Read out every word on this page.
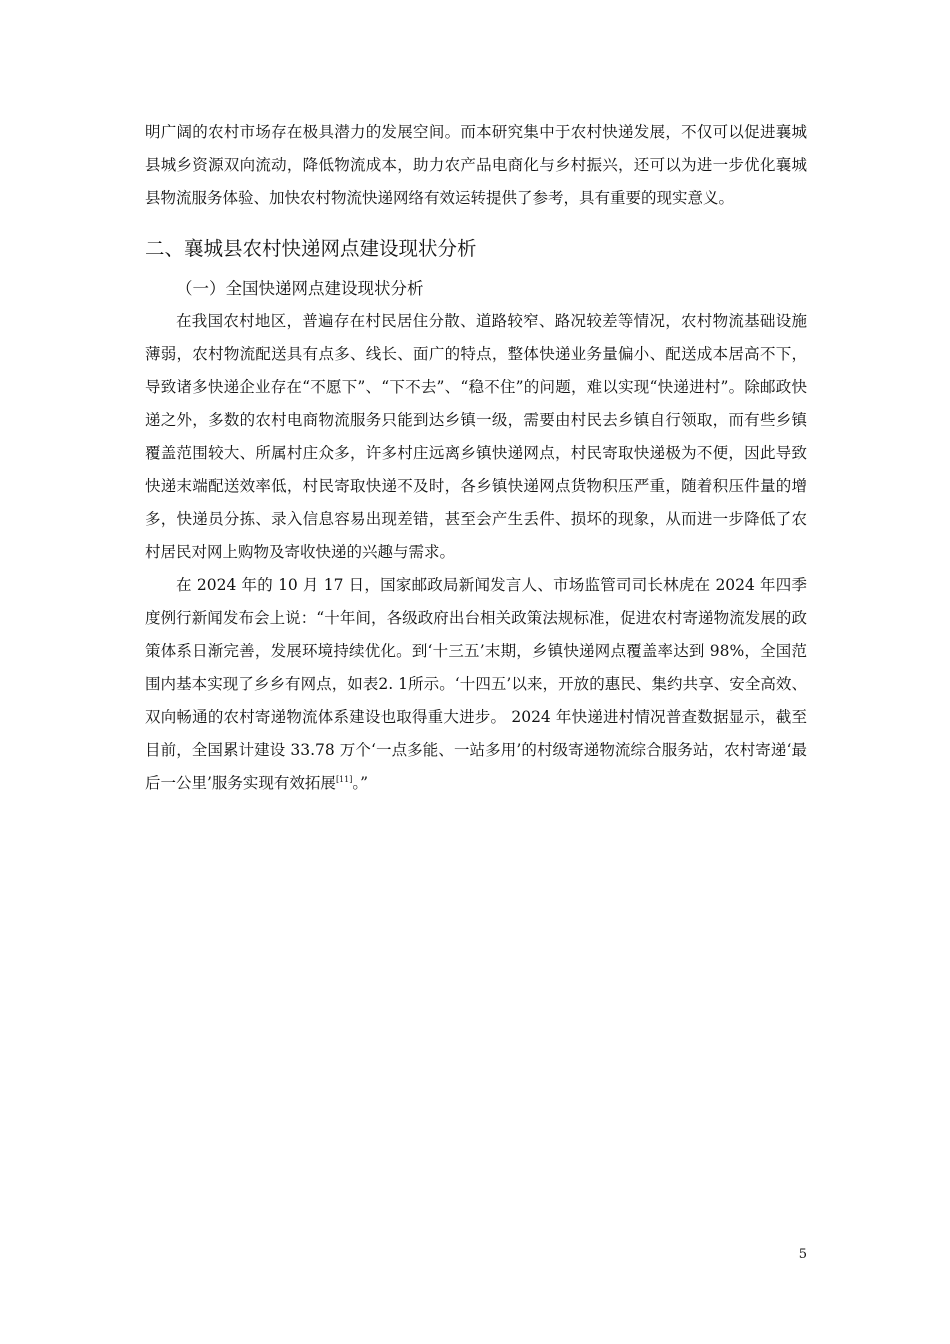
明广阔的农村市场存在极具潜力的发展空间。而本研究集中于农村快递发展，不仅可以促进襄城县城乡资源双向流动，降低物流成本，助力农产品电商化与乡村振兴，还可以为进一步优化襄城县物流服务体验、加快农村物流快递网络有效运转提供了参考，具有重要的现实意义。

二、襄城县农村快递网点建设现状分析
（一）全国快递网点建设现状分析

在我国农村地区，普遍存在村民居住分散、道路较窄、路况较差等情况，农村物流基础设施薄弱，农村物流配送具有点多、线长、面广的特点，整体快递业务量偏小、配送成本居高不下，导致诸多快递企业存在“不愿下”、“下不去”、“稳不住”的问题，难以实现“快递进村”。除邮政快递之外，多数的农村电商物流服务只能到达乡镇一级，需要由村民去乡镇自行领取，而有些乡镇覆盖范围较大、所属村庄众多，许多村庄远离乡镇快递网点，村民寄取快递极为不便，因此导致快递末端配送效率低，村民寄取快递不及时，各乡镇快递网点货物积压严重，随着积压件量的增多，快递员分拣、录入信息容易出现差错，甚至会产生丢件、损坏的现象，从而进一步降低了农村居民对网上购物及寄收快递的兴趣与需求。

在 2024 年的 10 月 17 日，国家邮政局新闻发言人、市场监管司司长林虎在 2024 年四季度例行新闻发布会上说：“十年间，各级政府出台相关政策法规标准，促进农村寄递物流发展的政策体系日渐完善，发展环境持续优化。到‘十三五’末期，乡镇快递网点覆盖率达到 98%，全国范围内基本实现了乡乡有网点，如表2. 1所示。‘十四五’以来，开放的惠民、集约共享、安全高效、双向畅通的农村寄递物流体系建设也取得重大进步。 2024 年快递进村情况普查数据显示，截至目前，全国累计建设 33.78 万个‘一点多能、一站多用’的村级寄递物流综合服务站，农村寄递‘最后一公里’服务实现有效拓展[11]。”

5
